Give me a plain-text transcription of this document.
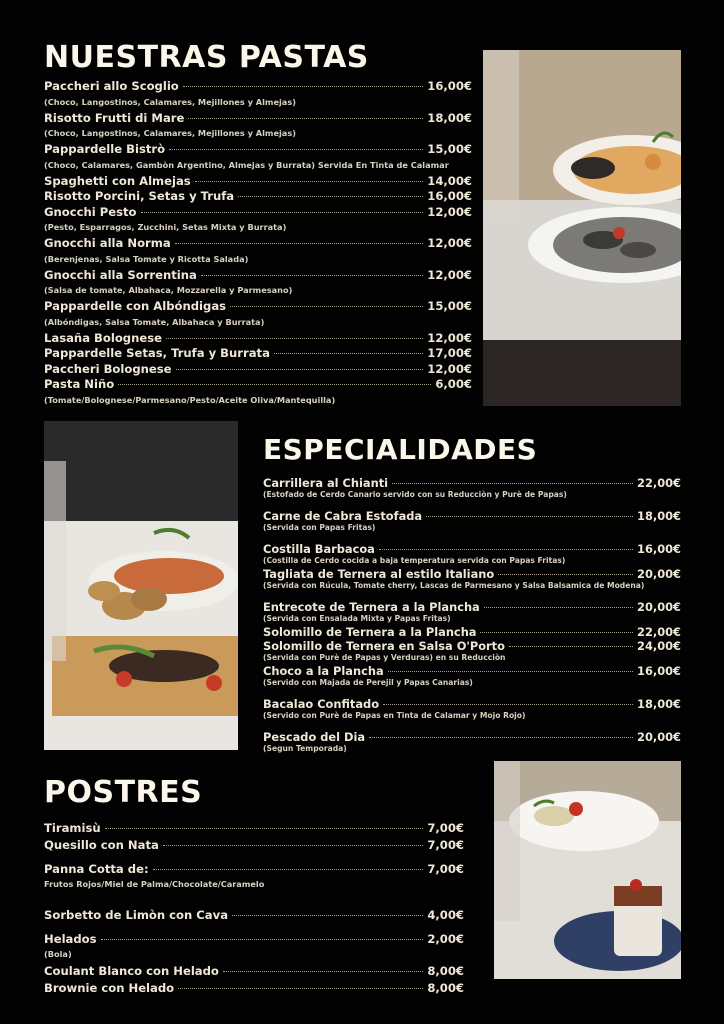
NUESTRAS PASTAS
Paccheri allo Scoglio	16,00€
(Choco, Langostinos, Calamares, Mejillones y Almejas)
Risotto Frutti di Mare	18,00€
(Choco, Langostinos, Calamares, Mejillones y Almejas)
Pappardelle Bistrò	15,00€
(Choco, Calamares, Gambòn Argentino, Almejas y Burrata) Servida En Tinta de Calamar
Spaghetti con Almejas	14,00€
Risotto Porcini, Setas y Trufa	16,00€
Gnocchi Pesto	12,00€
(Pesto, Esparragos, Zucchini, Setas Mixta y Burrata)
Gnocchi alla Norma	12,00€
(Berenjenas, Salsa Tomate y Ricotta Salada)
Gnocchi alla Sorrentina	12,00€
(Salsa de tomate, Albahaca, Mozzarella y Parmesano)
Pappardelle con Albóndigas	15,00€
(Albóndigas, Salsa Tomate, Albahaca y Burrata)
Lasaña Bolognese	12,00€
Pappardelle Setas, Trufa y Burrata	17,00€
Paccheri Bolognese	12,00€
Pasta Niño	6,00€
(Tomate/Bolognese/Parmesano/Pesto/Aceite Oliva/Mantequilla)
ESPECIALIDADES
Carrillera al Chianti	22,00€
(Estofado de Cerdo Canario servido con su Reducciòn y Purè de Papas)
Carne de Cabra Estofada	18,00€
(Servida con Papas Fritas)
Costilla Barbacoa	16,00€
(Costilla de Cerdo cocida a baja temperatura servida con Papas Fritas)
Tagliata de Ternera al estilo Italiano	20,00€
(Servida con Rúcula, Tomate cherry, Lascas de Parmesano y Salsa Balsamica de Modena)
Entrecote de Ternera a la Plancha	20,00€
(Servida con Ensalada Mixta y Papas Fritas)
Solomillo de Ternera a la Plancha	22,00€
Solomillo de Ternera en Salsa O'Porto	24,00€
(Servida con Purè de Papas y Verduras) en su Reducciòn
Choco a la Plancha	16,00€
(Servido con Majada de Perejil y Papas Canarias)
Bacalao Confitado	18,00€
(Servido con Purè de Papas en Tinta de Calamar y Mojo Rojo)
Pescado del Dia	20,00€
(Segun Temporada)
POSTRES
Tiramisù	7,00€
Quesillo con Nata	7,00€
Panna Cotta de:	7,00€
Frutos Rojos/Miel de Palma/Chocolate/Caramelo
Sorbetto de Limòn con Cava	4,00€
Helados	2,00€
(Bola)
Coulant Blanco con Helado	8,00€
Brownie con Helado	8,00€
